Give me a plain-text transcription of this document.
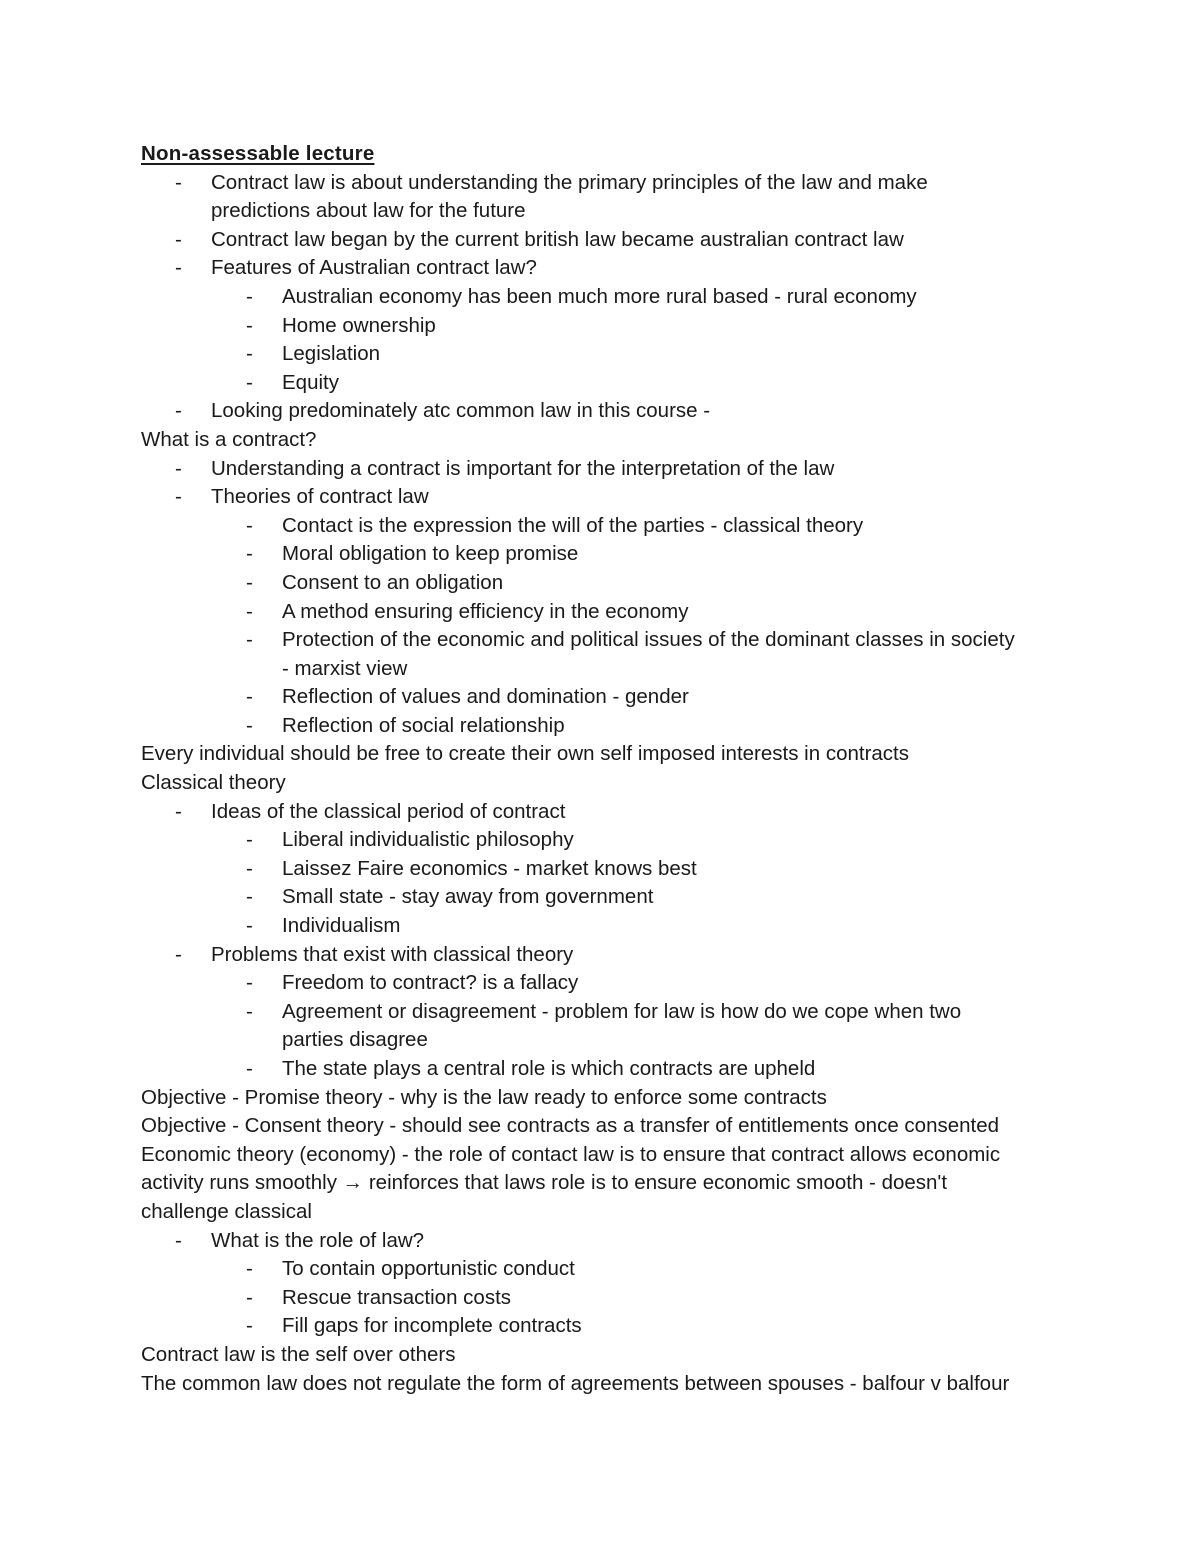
Non-assessable lecture
- Contract law is about understanding the primary principles of the law and make
predictions about law for the future
- Contract law began by the current british law became australian contract law
- Features of Australian contract law?
- Australian economy has been much more rural based - rural economy
- Home ownership
- Legislation
- Equity
- Looking predominately atc common law in this course -
What is a contract?
- Understanding a contract is important for the interpretation of the law
- Theories of contract law
- Contact is the expression the will of the parties - classical theory
- Moral obligation to keep promise
- Consent to an obligation
- A method ensuring efficiency in the economy
- Protection of the economic and political issues of the dominant classes in society
- marxist view
- Reflection of values and domination - gender
- Reflection of social relationship
Every individual should be free to create their own self imposed interests in contracts
Classical theory
- Ideas of the classical period of contract
- Liberal individualistic philosophy
- Laissez Faire economics - market knows best
- Small state - stay away from government
- Individualism
- Problems that exist with classical theory
- Freedom to contract? is a fallacy
- Agreement or disagreement - problem for law is how do we cope when two
parties disagree
- The state plays a central role is which contracts are upheld
Objective - Promise theory - why is the law ready to enforce some contracts
Objective - Consent theory - should see contracts as a transfer of entitlements once consented
Economic theory (economy) - the role of contact law is to ensure that contract allows economic
activity runs smoothly → reinforces that laws role is to ensure economic smooth - doesn't
challenge classical
- What is the role of law?
- To contain opportunistic conduct
- Rescue transaction costs
- Fill gaps for incomplete contracts
Contract law is the self over others
The common law does not regulate the form of agreements between spouses - balfour v balfour
